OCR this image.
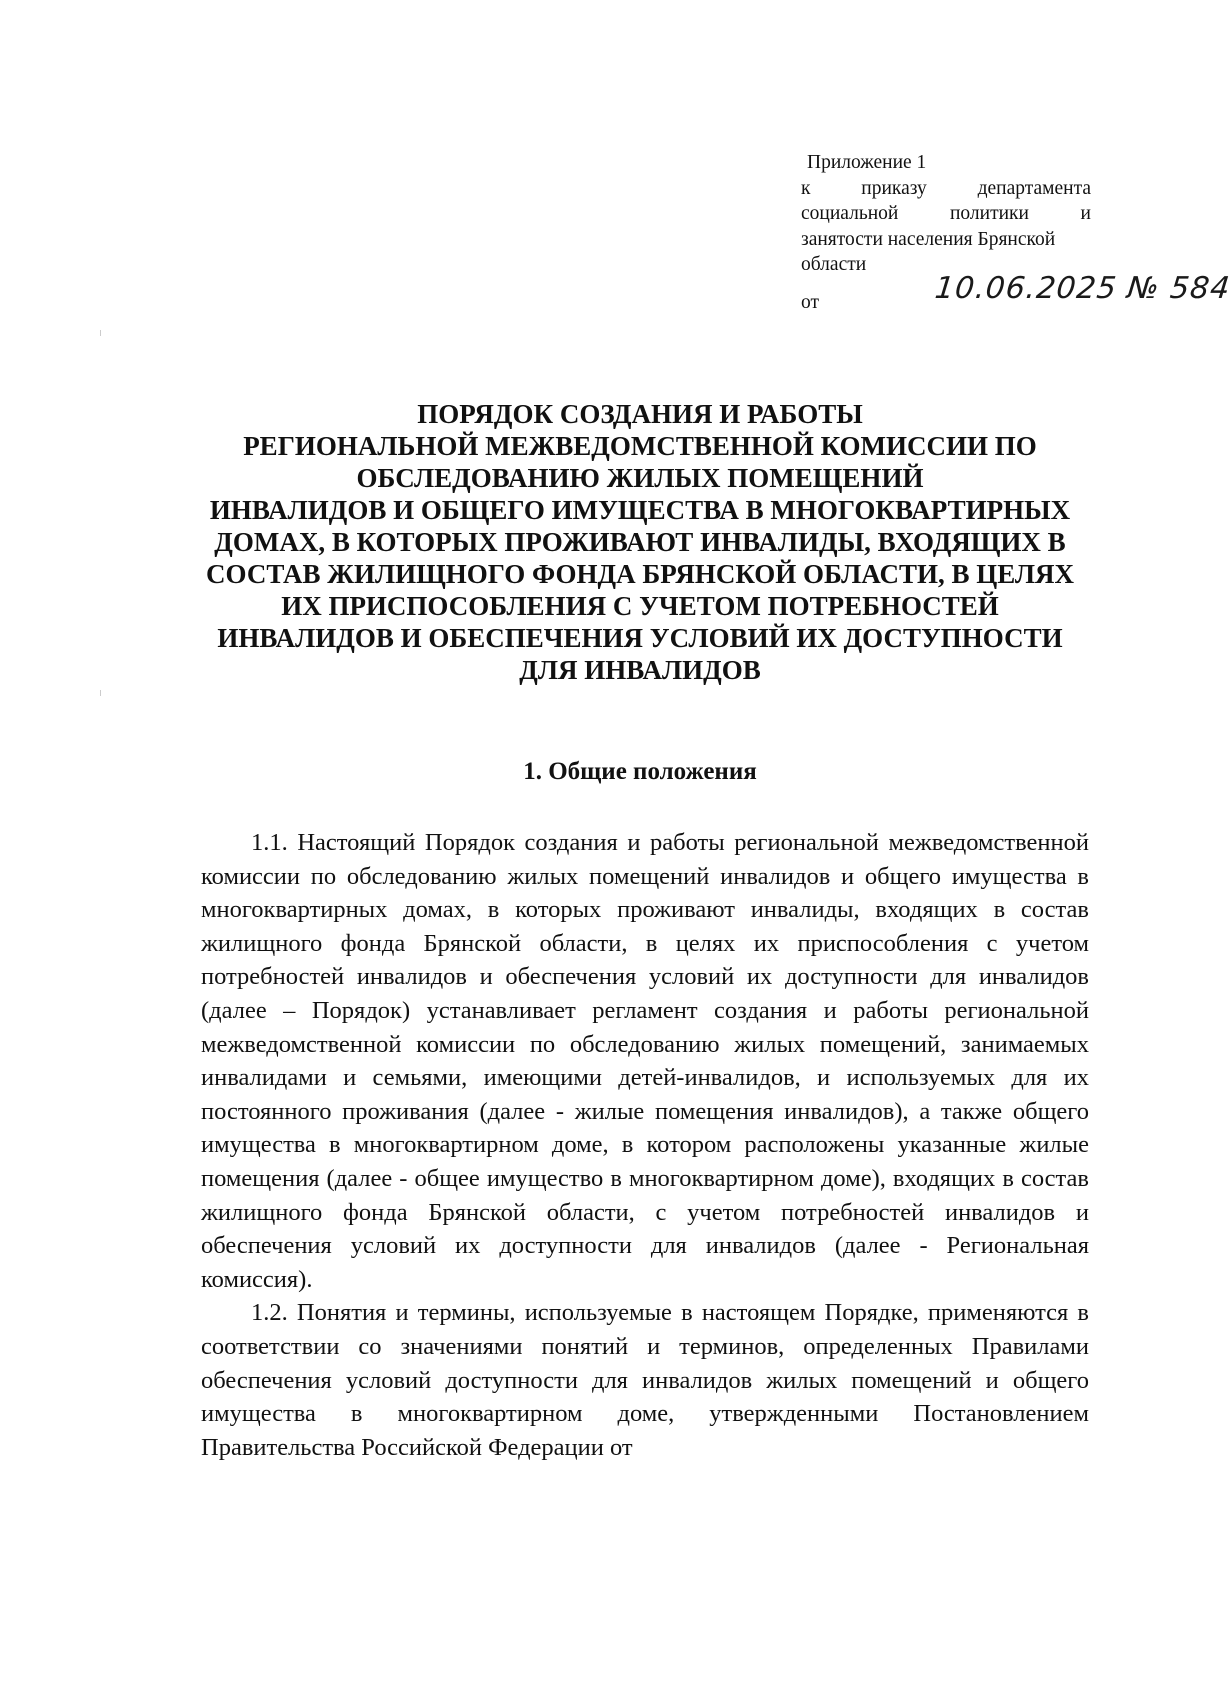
Приложение 1
к приказу департамента
социальной политики и
занятости населения Брянской
области
от	10.06.2025 № 584
ПОРЯДОК СОЗДАНИЯ И РАБОТЫ
РЕГИОНАЛЬНОЙ МЕЖВЕДОМСТВЕННОЙ КОМИССИИ ПО
ОБСЛЕДОВАНИЮ ЖИЛЫХ ПОМЕЩЕНИЙ
ИНВАЛИДОВ И ОБЩЕГО ИМУЩЕСТВА В МНОГОКВАРТИРНЫХ
ДОМАХ, В КОТОРЫХ ПРОЖИВАЮТ ИНВАЛИДЫ, ВХОДЯЩИХ В
СОСТАВ ЖИЛИЩНОГО ФОНДА БРЯНСКОЙ ОБЛАСТИ, В ЦЕЛЯХ
ИХ ПРИСПОСОБЛЕНИЯ С УЧЕТОМ ПОТРЕБНОСТЕЙ
ИНВАЛИДОВ И ОБЕСПЕЧЕНИЯ УСЛОВИЙ ИХ ДОСТУПНОСТИ
ДЛЯ ИНВАЛИДОВ
1. Общие положения

1.1. Настоящий Порядок создания и работы региональной межведомственной комиссии по обследованию жилых помещений инвалидов и общего имущества в многоквартирных домах, в которых проживают инвалиды, входящих в состав жилищного фонда Брянской области, в целях их приспособления с учетом потребностей инвалидов и обеспечения условий их доступности для инвалидов (далее – Порядок) устанавливает регламент создания и работы региональной межведомственной комиссии по обследованию жилых помещений, занимаемых инвалидами и семьями, имеющими детей-инвалидов, и используемых для их постоянного проживания (далее - жилые помещения инвалидов), а также общего имущества в многоквартирном доме, в котором расположены указанные жилые помещения (далее - общее имущество в многоквартирном доме), входящих в состав жилищного фонда Брянской области, с учетом потребностей инвалидов и обеспечения условий их доступности для инвалидов (далее - Региональная комиссия).

1.2. Понятия и термины, используемые в настоящем Порядке, применяются в соответствии со значениями понятий и терминов, определенных Правилами обеспечения условий доступности для инвалидов жилых помещений и общего имущества в многоквартирном доме, утвержденными Постановлением Правительства Российской Федерации от
